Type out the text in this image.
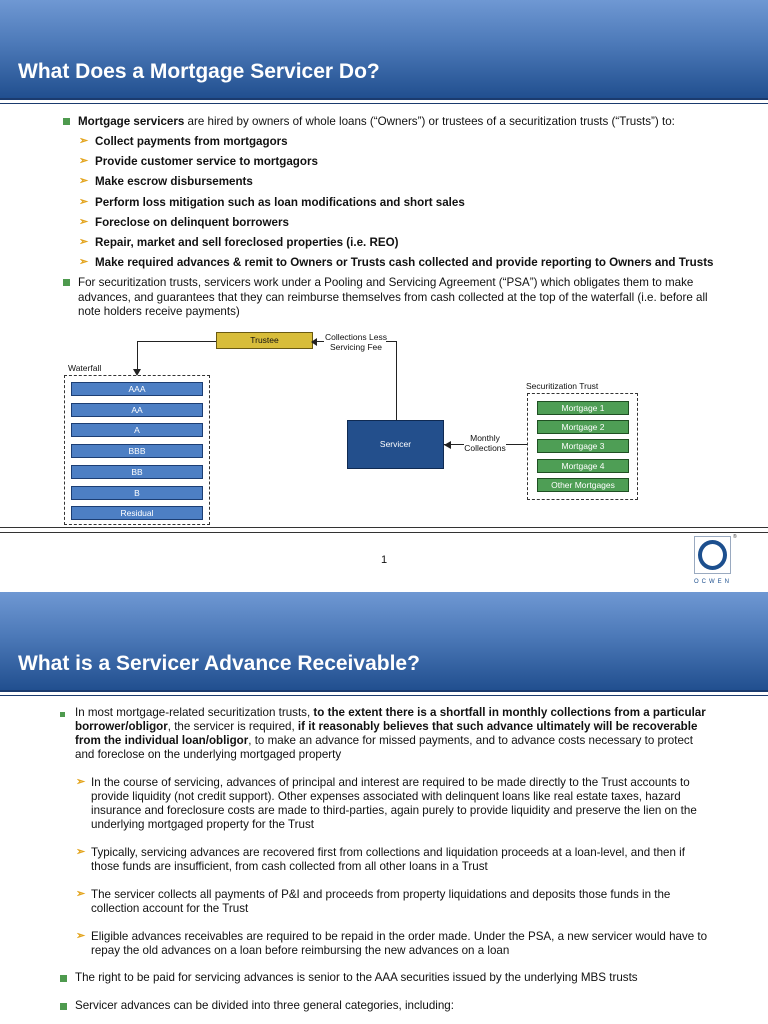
What Does a Mortgage Servicer Do?
Mortgage servicers are hired by owners of whole loans (“Owners”) or trustees of a securitization trusts (“Trusts”) to:
➢ Collect payments from mortgagors
➢ Provide customer service to mortgagors
➢ Make escrow disbursements
➢ Perform loss mitigation such as loan modifications and short sales
➢ Foreclose on delinquent borrowers
➢ Repair, market and sell foreclosed properties (i.e. REO)
➢ Make required advances & remit to Owners or Trusts cash collected and provide reporting to Owners and Trusts
For securitization trusts, servicers work under a Pooling and Servicing Agreement (“PSA”) which obligates them to make
advances, and guarantees that they can reimburse themselves from cash collected at the top of the waterfall (i.e. before all
note holders receive payments)
Trustee	Collections Less
Servicing Fee
Waterfall
AAA
AA
A
BBB
BB
B
Residual
Servicer
Monthly
Collections
Securitization Trust
Mortgage 1
Mortgage 2
Mortgage 3
Mortgage 4
Other Mortgages
1
®
OCWEN
What is a Servicer Advance Receivable?
In most mortgage-related securitization trusts, to the extent there is a shortfall in monthly collections from a particular
borrower/obligor, the servicer is required, if it reasonably believes that such advance ultimately will be recoverable
from the individual loan/obligor, to make an advance for missed payments, and to advance costs necessary to protect
and foreclose on the underlying mortgaged property
➢ In the course of servicing, advances of principal and interest are required to be made directly to the Trust accounts to
provide liquidity (not credit support). Other expenses associated with delinquent loans like real estate taxes, hazard
insurance and foreclosure costs are made to third-parties, again purely to provide liquidity and preserve the lien on the
underlying mortgaged property for the Trust
➢ Typically, servicing advances are recovered first from collections and liquidation proceeds at a loan-level, and then if
those funds are insufficient, from cash collected from all other loans in a Trust
➢ The servicer collects all payments of P&I and proceeds from property liquidations and deposits those funds in the
collection account for the Trust
➢ Eligible advances receivables are required to be repaid in the order made. Under the PSA, a new servicer would have to
repay the old advances on a loan before reimbursing the new advances on a loan
The right to be paid for servicing advances is senior to the AAA securities issued by the underlying MBS trusts
Servicer advances can be divided into three general categories, including:
